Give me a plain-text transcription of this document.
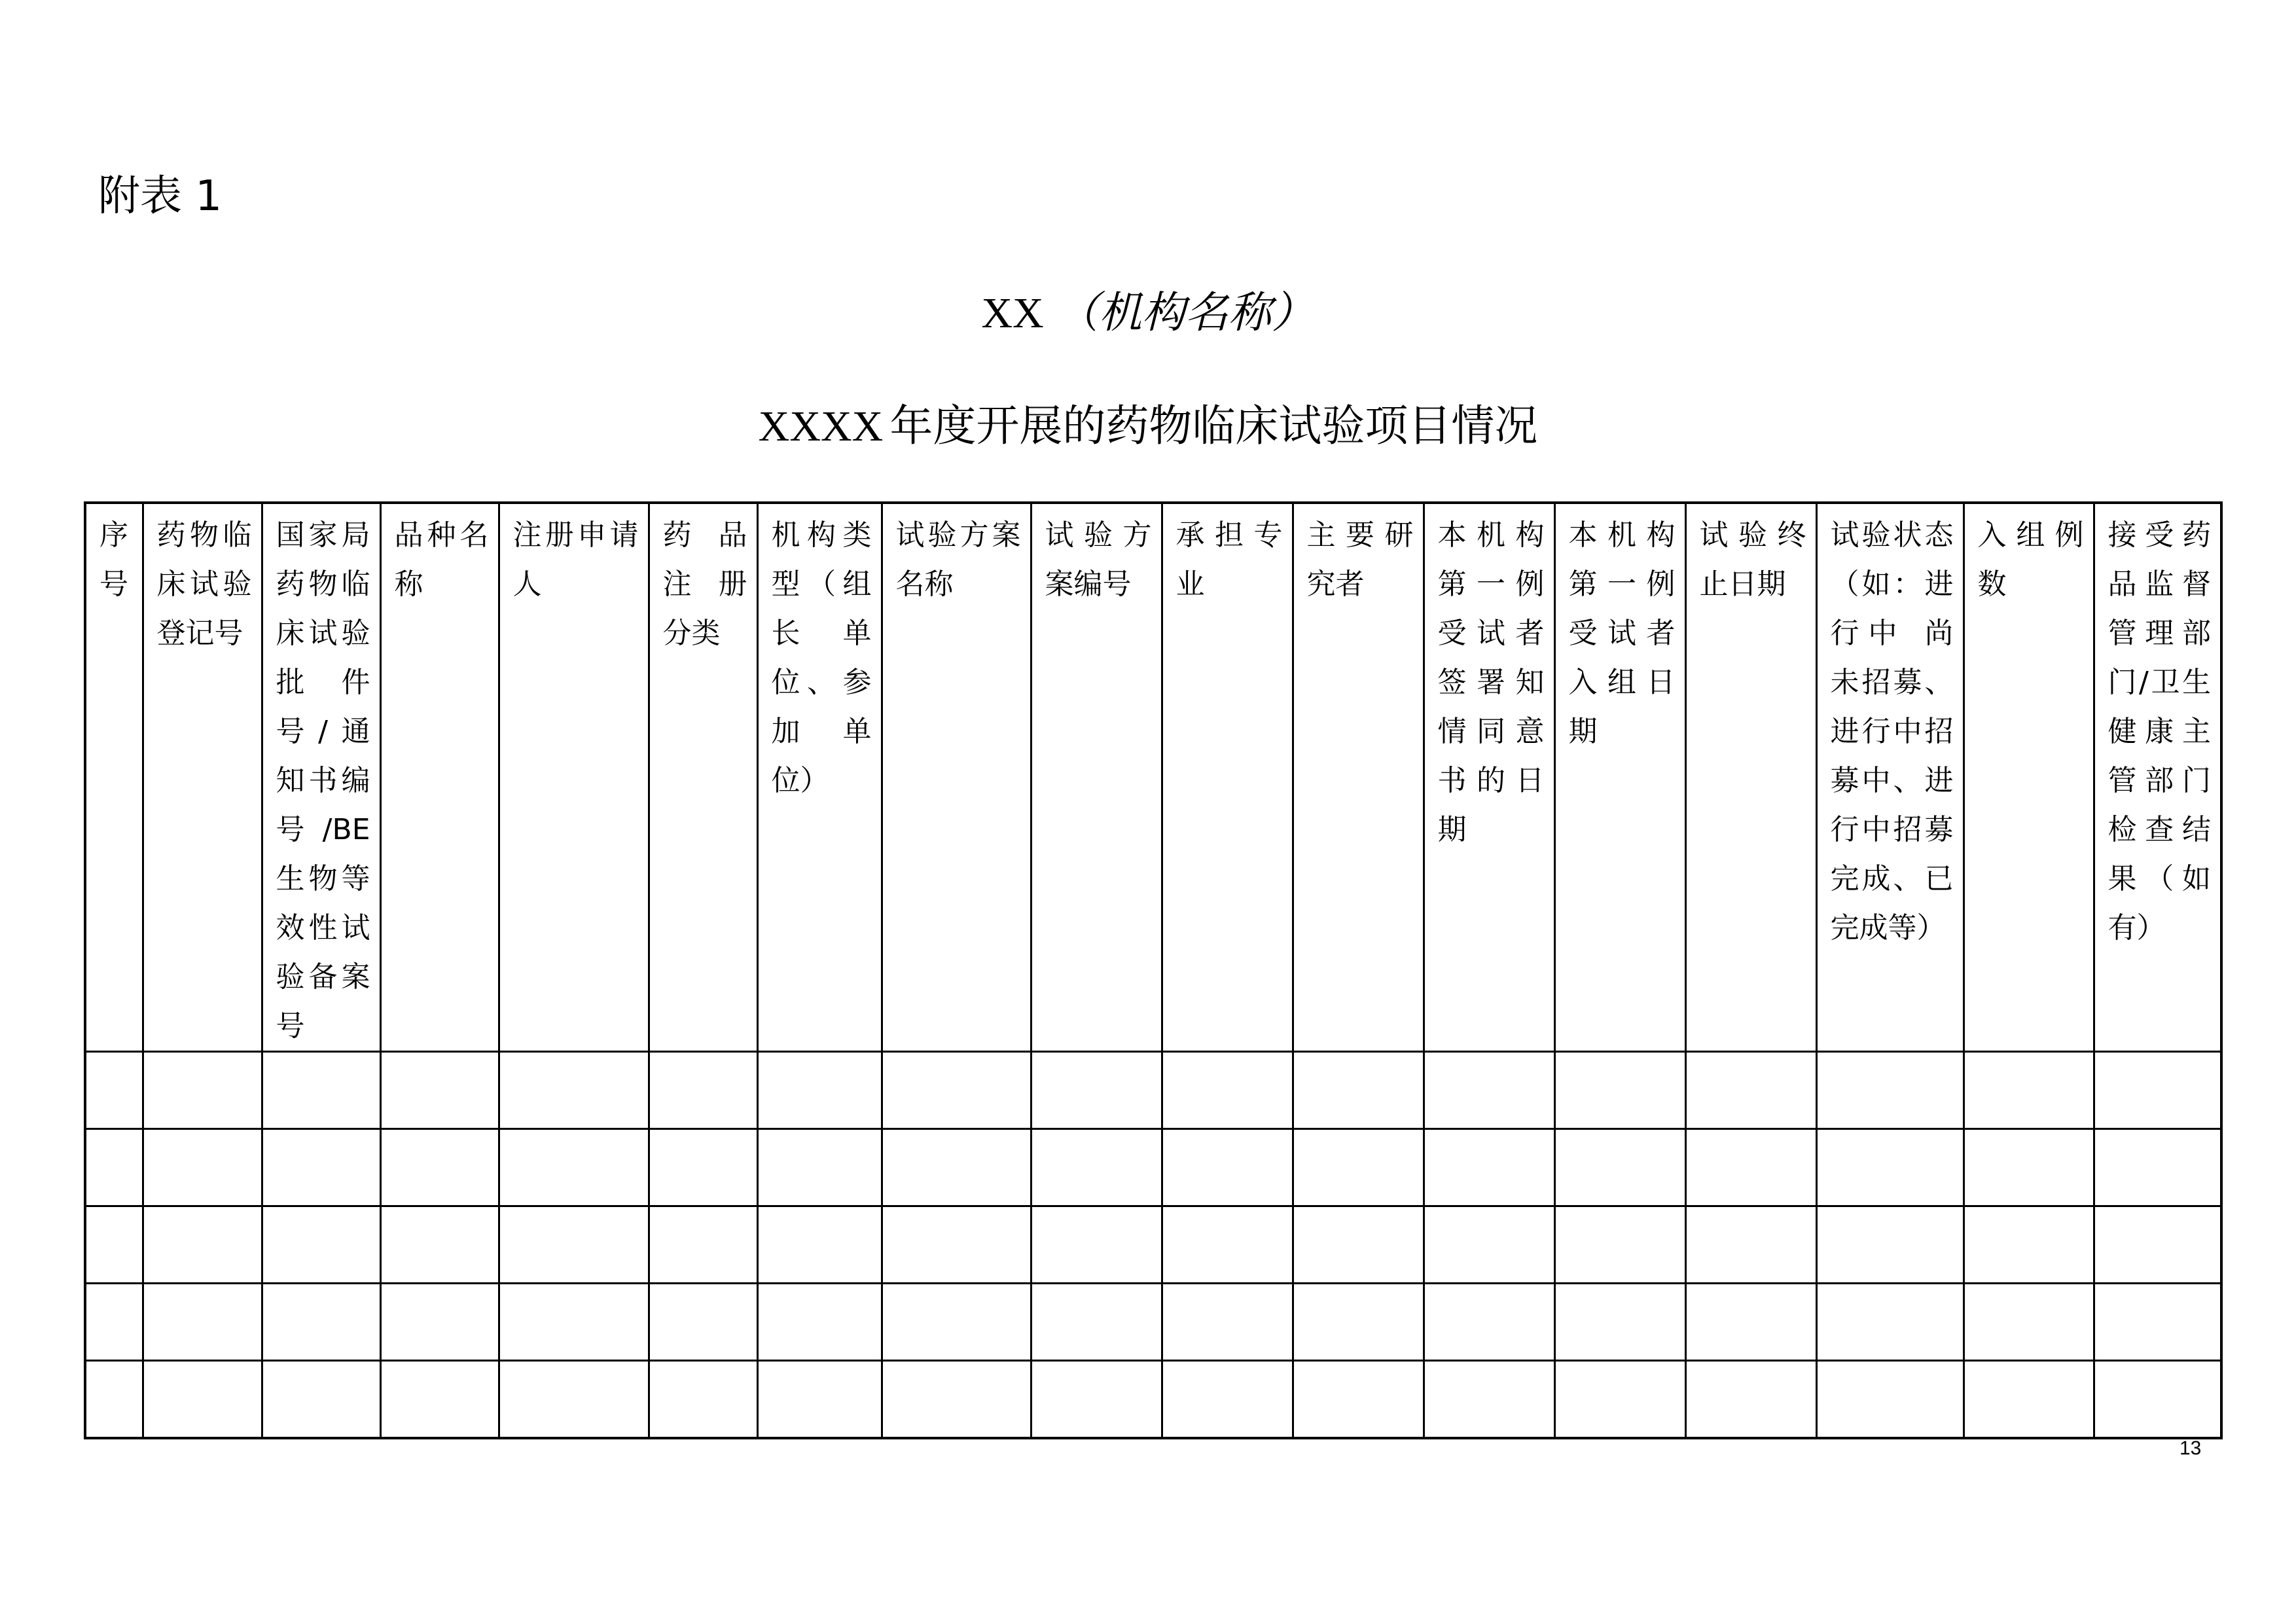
附表 1
XX （机构名称）
XXXX 年度开展的药物临床试验项目情况
序号	药物临床试验登记号	国家局药物临床试验批件号/通知书编号/BE生物等效性试验备案号	品种名称	注册申请人	药品注册分类	机构类型（组长单位、参加单位）	试验方案名称	试验方案编号	承担专业	主要研究者	本机构第一例受试者签署知情同意书的日期	本机构第一例受试者入组日期	试验终止日期	试验状态（如：进行中 尚未招募、进行中招募中、进行中招募完成、已完成等）	入组例数	接受药品监督管理部门/卫生健康主管部门检查结果（如有）

13
